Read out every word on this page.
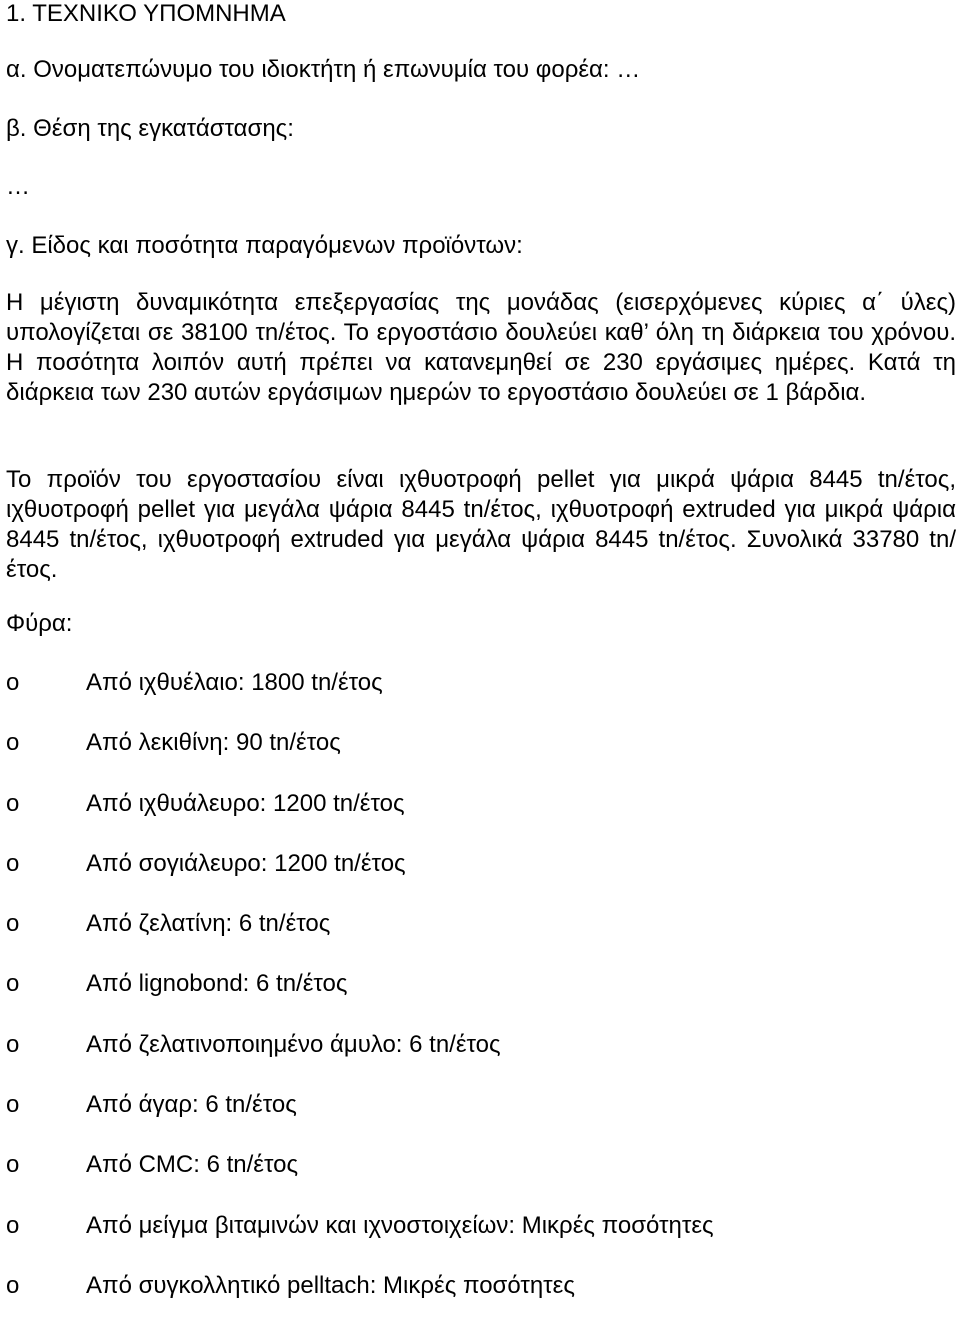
1. ΤΕΧΝΙΚΟ ΥΠΟΜΝΗΜΑ
α. Ονοματεπώνυμο του ιδιοκτήτη ή επωνυμία του φορέα: …
β. Θέση της εγκατάστασης:
…
γ. Είδος και ποσότητα παραγόμενων προϊόντων:
Η μέγιστη δυναμικότητα επεξεργασίας της μονάδας (εισερχόμενες κύριες α΄ ύλες) υπολογίζεται σε 38100 τn/έτος. Το εργοστάσιο δουλεύει καθ’ όλη τη διάρκεια του χρόνου. Η ποσότητα λοιπόν αυτή πρέπει να κατανεμηθεί σε 230 εργάσιμες ημέρες. Κατά τη διάρκεια των 230 αυτών εργάσιμων ημερών το εργοστάσιο δουλεύει σε 1 βάρδια.
Το προϊόν του εργοστασίου είναι ιχθυοτροφή pellet για μικρά ψάρια 8445 tn/έτος, ιχθυοτροφή pellet για μεγάλα ψάρια 8445 tn/έτος, ιχθυοτροφή extruded για μικρά ψάρια 8445 tn/έτος, ιχθυοτροφή extruded για μεγάλα ψάρια 8445 tn/έτος. Συνολικά 33780 tn/έτος.
Φύρα:
o	Από ιχθυέλαιο: 1800 tn/έτος
o	Από λεκιθίνη: 90 tn/έτος
o	Από ιχθυάλευρο: 1200 tn/έτος
o	Από σογιάλευρο: 1200 tn/έτος
o	Από ζελατίνη: 6 tn/έτος
o	Από lignobond: 6 tn/έτος
o	Από ζελατινοποιημένο άμυλο: 6 tn/έτος
o	Από άγαρ: 6 tn/έτος
o	Από CMC: 6 tn/έτος
o	Από μείγμα βιταμινών και ιχνοστοιχείων: Μικρές ποσότητες
o	Από συγκολλητικό pelltach: Μικρές ποσότητες
